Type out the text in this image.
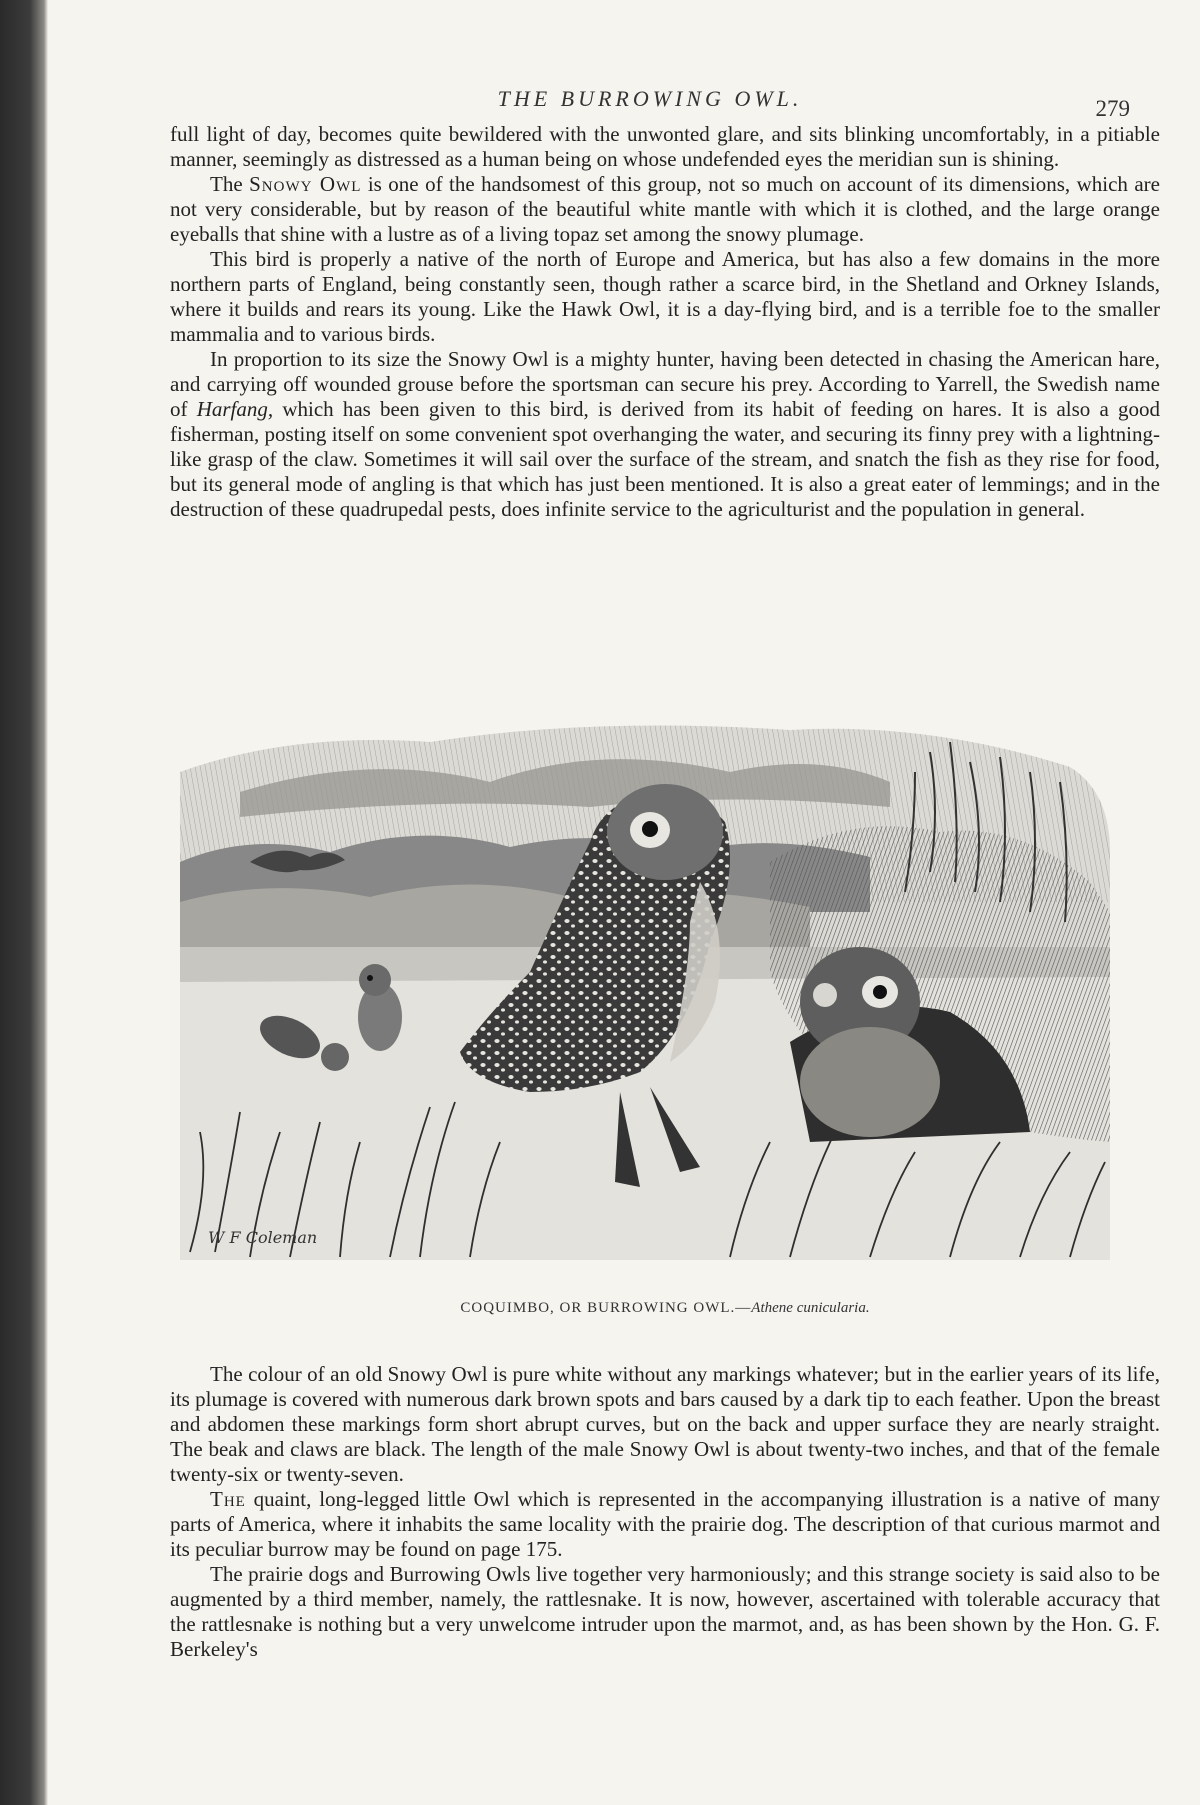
THE BURROWING OWL.	279

full light of day, becomes quite bewildered with the unwonted glare, and sits blinking uncomfortably, in a pitiable manner, seemingly as distressed as a human being on whose undefended eyes the meridian sun is shining.

The Snowy Owl is one of the handsomest of this group, not so much on account of its dimensions, which are not very considerable, but by reason of the beautiful white mantle with which it is clothed, and the large orange eyeballs that shine with a lustre as of a living topaz set among the snowy plumage.

This bird is properly a native of the north of Europe and America, but has also a few domains in the more northern parts of England, being constantly seen, though rather a scarce bird, in the Shetland and Orkney Islands, where it builds and rears its young. Like the Hawk Owl, it is a day-flying bird, and is a terrible foe to the smaller mammalia and to various birds.

In proportion to its size the Snowy Owl is a mighty hunter, having been detected in chasing the American hare, and carrying off wounded grouse before the sportsman can secure his prey. According to Yarrell, the Swedish name of Harfang, which has been given to this bird, is derived from its habit of feeding on hares. It is also a good fisherman, posting itself on some convenient spot overhanging the water, and securing its finny prey with a lightning-like grasp of the claw. Sometimes it will sail over the surface of the stream, and snatch the fish as they rise for food, but its general mode of angling is that which has just been mentioned. It is also a great eater of lemmings; and in the destruction of these quadrupedal pests, does infinite service to the agriculturist and the population in general.

W F Coleman
COQUIMBO, OR BURROWING OWL.—Athene cunicularia.

The colour of an old Snowy Owl is pure white without any markings whatever; but in the earlier years of its life, its plumage is covered with numerous dark brown spots and bars caused by a dark tip to each feather. Upon the breast and abdomen these markings form short abrupt curves, but on the back and upper surface they are nearly straight. The beak and claws are black. The length of the male Snowy Owl is about twenty-two inches, and that of the female twenty-six or twenty-seven.

The quaint, long-legged little Owl which is represented in the accompanying illustration is a native of many parts of America, where it inhabits the same locality with the prairie dog. The description of that curious marmot and its peculiar burrow may be found on page 175.

The prairie dogs and Burrowing Owls live together very harmoniously; and this strange society is said also to be augmented by a third member, namely, the rattlesnake. It is now, however, ascertained with tolerable accuracy that the rattlesnake is nothing but a very unwelcome intruder upon the marmot, and, as has been shown by the Hon. G. F. Berkeley's
